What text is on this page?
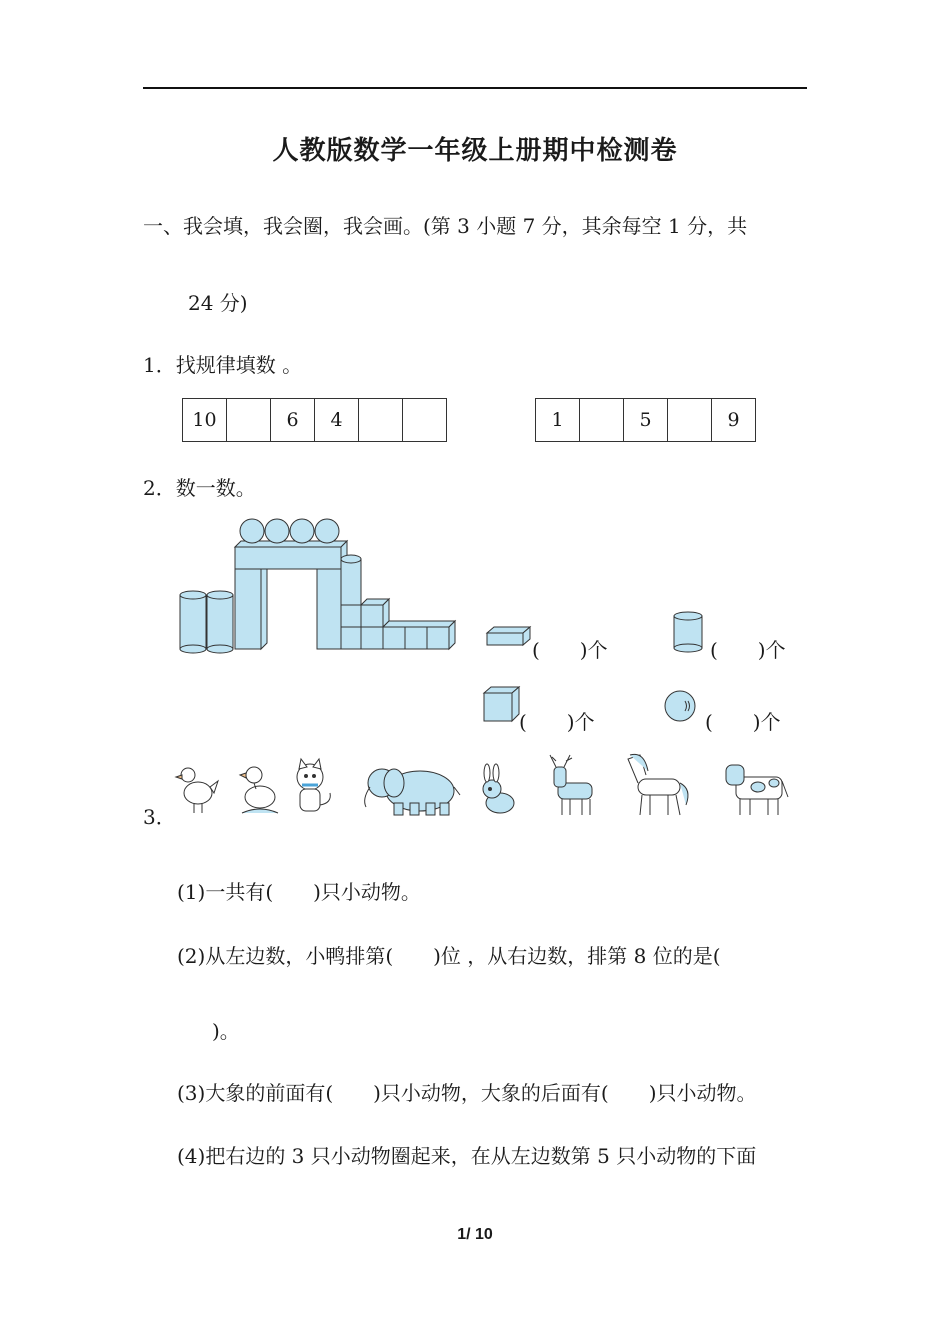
人教版数学一年级上册期中检测卷
一、我会填，我会圈，我会画。(第 3 小题 7 分，其余每空 1 分，共
24 分)
1．找规律填数 。
10		6	4			1		5		9
2．数一数。
(　　)个	(　　)个
(　　)个	(　　)个
3．
(1)一共有(　　)只小动物。
(2)从左边数，小鸭排第(　　)位 ，从右边数，排第 8 位的是(
)。
(3)大象的前面有(　　)只小动物，大象的后面有(　　)只小动物。
(4)把右边的 3 只小动物圈起来，在从左边数第 5 只小动物的下面
1/ 10
